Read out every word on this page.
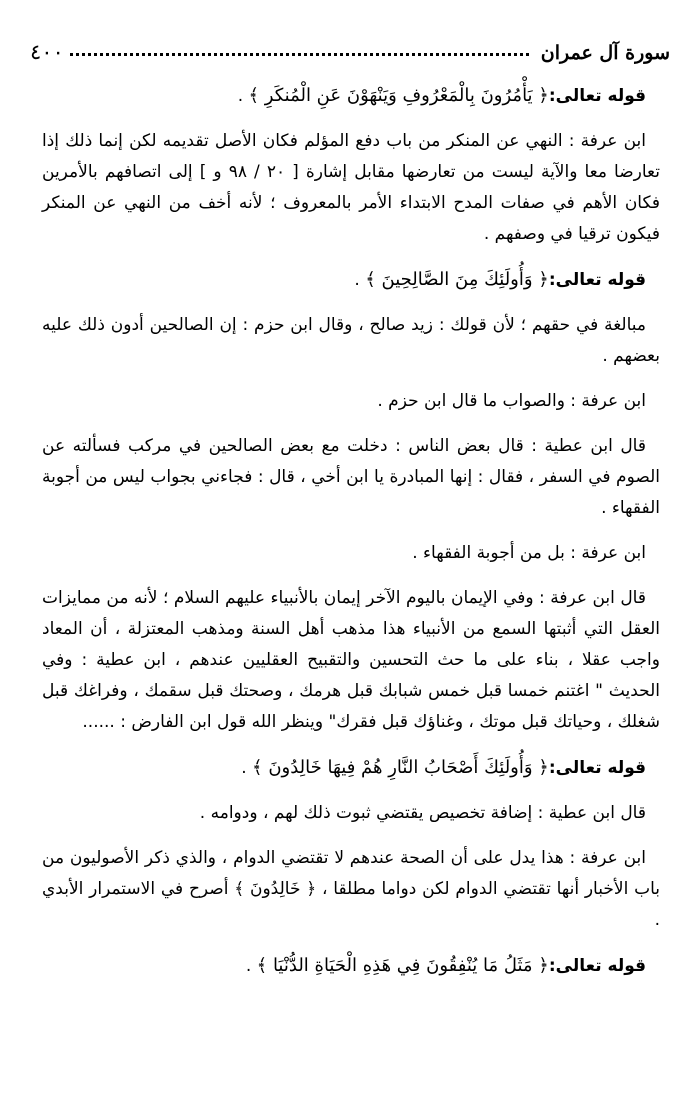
سورة آل عمران
٤٠٠

قوله تعالى:﴿ يَأْمُرُونَ بِالْمَعْرُوفِ وَيَنْهَوْنَ عَنِ الْمُنكَرِ ﴾ .

ابن عرفة : النهي عن المنكر من باب دفع المؤلم فكان الأصل تقديمه لكن إنما ذلك إذا تعارضا معا والآية ليست من تعارضها مقابل إشارة [ ٢٠ / ٩٨ و ] إلى اتصافهم بالأمرين فكان الأهم في صفات المدح الابتداء الأمر بالمعروف ؛ لأنه أخف من النهي عن المنكر فيكون ترقيا في وصفهم .

قوله تعالى:﴿ وَأُولَئِكَ مِنَ الصَّالِحِينَ ﴾ .

مبالغة في حقهم ؛ لأن قولك : زيد صالح ، وقال ابن حزم : إن الصالحين أدون ذلك عليه بعضهم .

ابن عرفة : والصواب ما قال ابن حزم .

قال ابن عطية : قال بعض الناس : دخلت مع بعض الصالحين في مركب فسألته عن الصوم في السفر ، فقال : إنها المبادرة يا ابن أخي ، قال : فجاءني بجواب ليس من أجوبة الفقهاء .

ابن عرفة : بل من أجوبة الفقهاء .

قال ابن عرفة : وفي الإيمان باليوم الآخر إيمان بالأنبياء عليهم السلام ؛ لأنه من ممايزات العقل التي أثبتها السمع من الأنبياء هذا مذهب أهل السنة ومذهب المعتزلة ، أن المعاد واجب عقلا ، بناء على ما حث التحسين والتقبيح العقليين عندهم ، ابن عطية : وفي الحديث " اغتنم خمسا قبل خمس شبابك قبل هرمك ، وصحتك قبل سقمك ، وفراغك قبل شغلك ، وحياتك قبل موتك ، وغناؤك قبل فقرك" وينظر الله قول ابن الفارض : ......

قوله تعالى:﴿ وَأُولَئِكَ أَصْحَابُ النَّارِ هُمْ فِيهَا خَالِدُونَ ﴾ .

قال ابن عطية : إضافة تخصيص يقتضي ثبوت ذلك لهم ، ودوامه .

ابن عرفة : هذا يدل على أن الصحة عندهم لا تقتضي الدوام ، والذي ذكر الأصوليون من باب الأخبار أنها تقتضي الدوام لكن دواما مطلقا ، ﴿ خَالِدُونَ ﴾ أصرح في الاستمرار الأبدي .

قوله تعالى:﴿ مَثَلُ مَا يُنْفِقُونَ فِي هَذِهِ الْحَيَاةِ الدُّنْيَا ﴾ .
